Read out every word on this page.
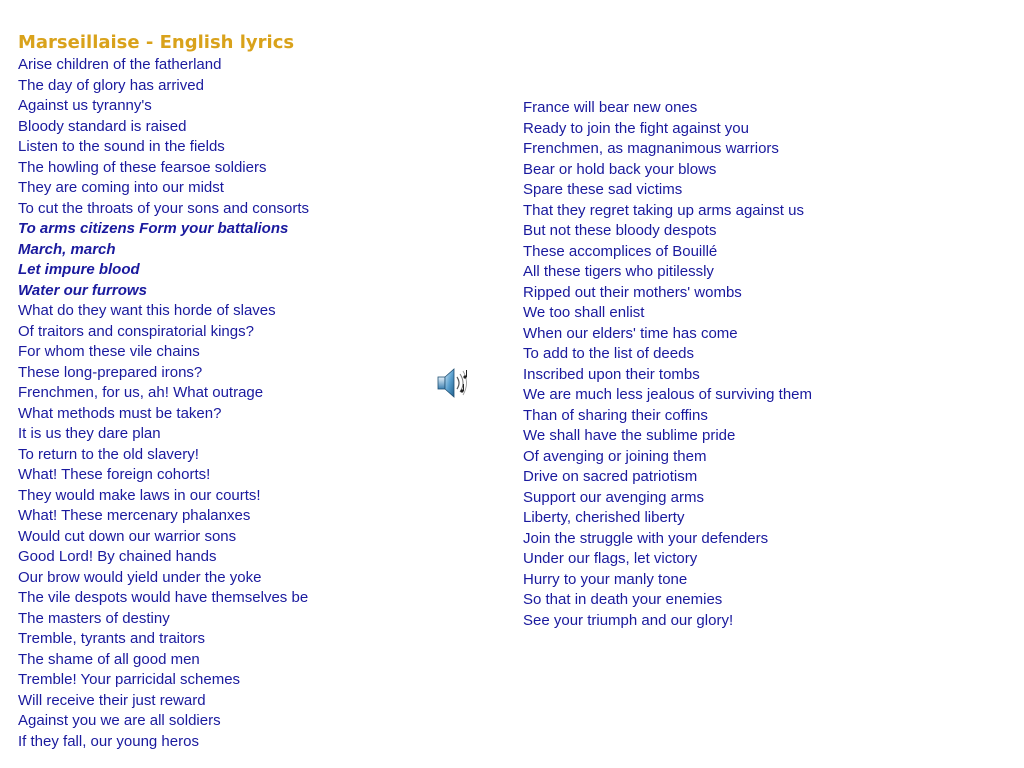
Marseillaise - English lyrics
Arise children of the fatherland
The day of glory has arrived
Against us tyranny's
Bloody standard is raised
Listen to the sound in the fields
The howling of these fearsoe soldiers
They are coming into our midst
To cut the throats of your sons and consorts
To arms citizens Form your battalions
March, march
Let impure blood
Water our furrows
What do they want this horde of slaves
Of traitors and conspiratorial kings?
For whom these vile chains
These long-prepared irons?
Frenchmen, for us, ah! What outrage
What methods must be taken?
It is us they dare plan
To return to the old slavery!
What! These foreign cohorts!
They would make laws in our courts!
What! These mercenary phalanxes
Would cut down our warrior sons
Good Lord! By chained hands
Our brow would yield under the yoke
The vile despots would have themselves be
The masters of destiny
Tremble, tyrants and traitors
The shame of all good men
Tremble! Your parricidal schemes
Will receive their just reward
Against you we are all soldiers
If they fall, our young heros
France will bear new ones
Ready to join the fight against you
Frenchmen, as magnanimous warriors
Bear or hold back your blows
Spare these sad victims
That they regret taking up arms against us
But not these bloody despots
These accomplices of Bouillé
All these tigers who pitilessly
Ripped out their mothers' wombs
We too shall enlist
When our elders' time has come
To add to the list of deeds
Inscribed upon their tombs
We are much less jealous of surviving them
Than of sharing their coffins
We shall have the sublime pride
Of avenging or joining them
Drive on sacred patriotism
Support our avenging arms
Liberty, cherished liberty
Join the struggle with your defenders
Under our flags, let victory
Hurry to your manly tone
So that in death your enemies
See your triumph and our glory!
